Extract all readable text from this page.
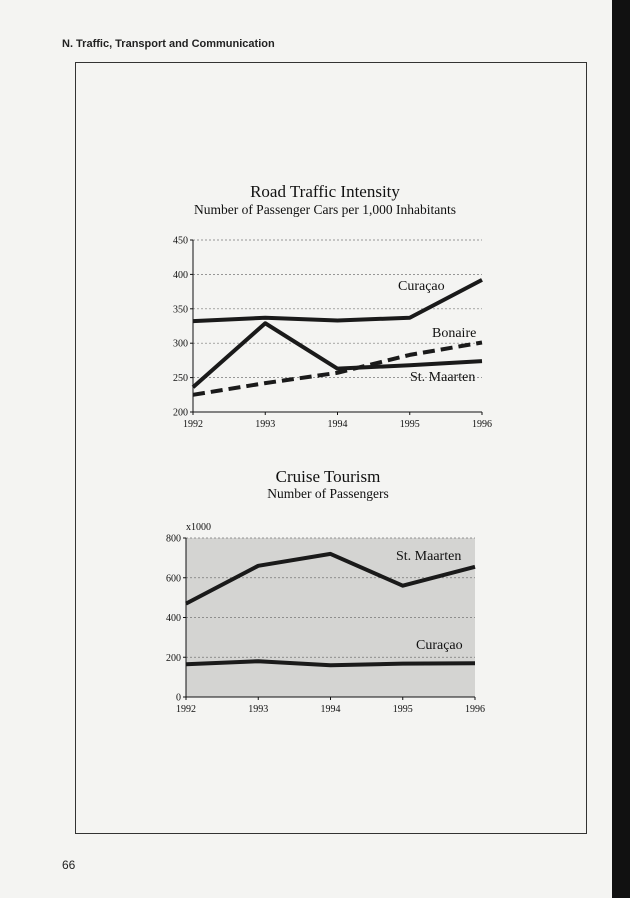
N. Traffic, Transport and Communication
66
Road Traffic Intensity
Number of Passenger Cars per 1,000 Inhabitants
200
250
300
350
400
450
1992	1993	1994	1995	1996
Curaçao
Bonaire
St. Maarten
Cruise Tourism
Number of Passengers
x1000
0
200
400
600
800
1992	1993	1994	1995	1996
St. Maarten
Curaçao
